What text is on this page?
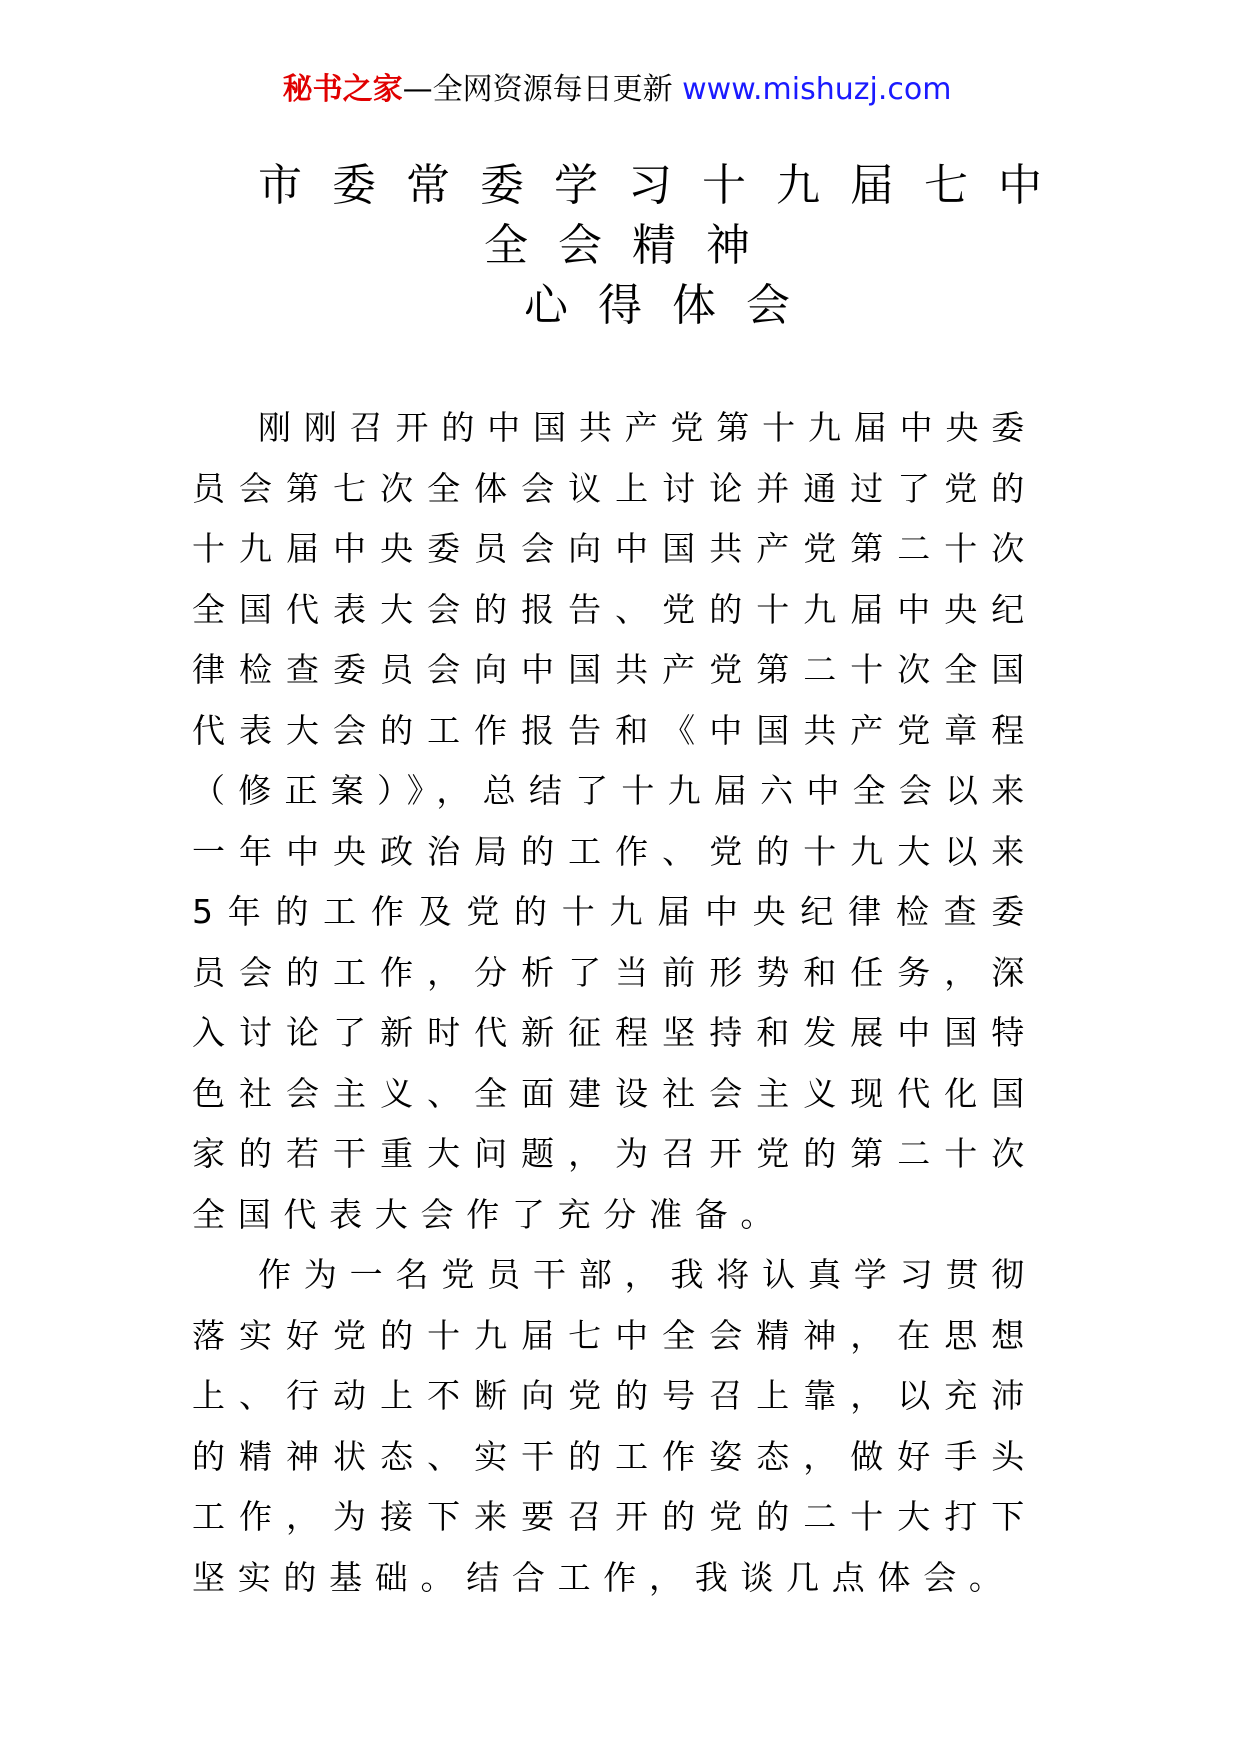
秘书之家—全网资源每日更新 www.mishuzj.com
市委常委学习十九届七中
全会精神
心得体会

刚刚召开的中国共产党第十九届中央委员会第七次全体会议上讨论并通过了党的十九届中央委员会向中国共产党第二十次全国代表大会的报告、党的十九届中央纪律检查委员会向中国共产党第二十次全国代表大会的工作报告和《中国共产党章程（修正案）》，总结了十九届六中全会以来一年中央政治局的工作、党的十九大以来5年的工作及党的十九届中央纪律检查委员会的工作，分析了当前形势和任务，深入讨论了新时代新征程坚持和发展中国特色社会主义、全面建设社会主义现代化国家的若干重大问题，为召开党的第二十次全国代表大会作了充分准备。

作为一名党员干部，我将认真学习贯彻落实好党的十九届七中全会精神，在思想上、行动上不断向党的号召上靠，以充沛的精神状态、实干的工作姿态，做好手头工作，为接下来要召开的党的二十大打下坚实的基础。结合工作，我谈几点体会。
